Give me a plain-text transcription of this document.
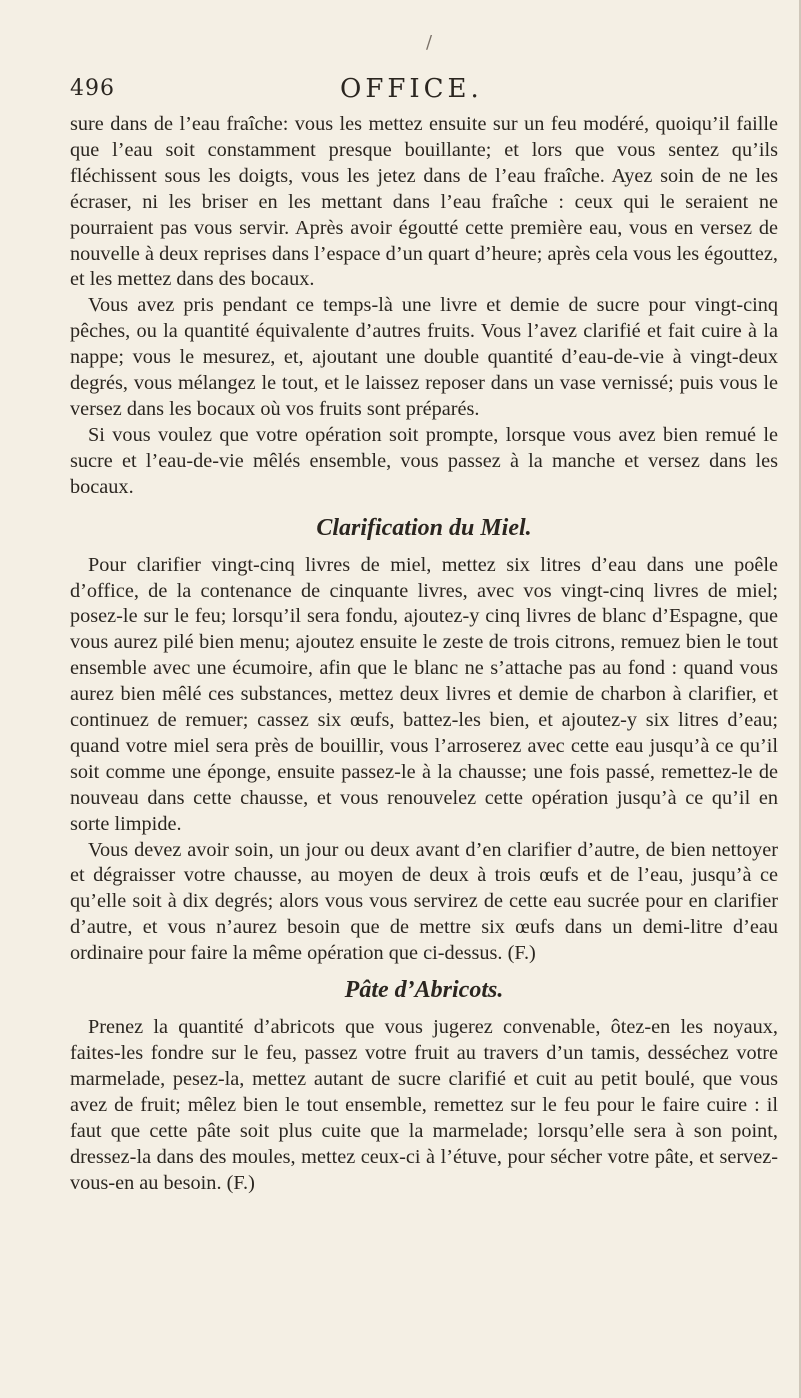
/
496	OFFICE.

sure dans de l’eau fraîche: vous les mettez ensuite sur un feu modéré, quoiqu’il faille que l’eau soit constamment presque bouillante; et lors que vous sentez qu’ils fléchissent sous les doigts, vous les jetez dans de l’eau fraîche. Ayez soin de ne les écraser, ni les briser en les mettant dans l’eau fraîche : ceux qui le seraient ne pourraient pas vous servir. Après avoir égoutté cette première eau, vous en versez de nouvelle à deux reprises dans l’espace d’un quart d’heure; après cela vous les égouttez, et les mettez dans des bocaux.

Vous avez pris pendant ce temps-là une livre et demie de sucre pour vingt-cinq pêches, ou la quantité équivalente d’autres fruits. Vous l’avez clarifié et fait cuire à la nappe; vous le mesurez, et, ajoutant une double quantité d’eau-de-vie à vingt-deux degrés, vous mélangez le tout, et le laissez reposer dans un vase vernissé; puis vous le versez dans les bocaux où vos fruits sont préparés.

Si vous voulez que votre opération soit prompte, lorsque vous avez bien remué le sucre et l’eau-de-vie mêlés ensemble, vous passez à la manche et versez dans les bocaux.

Clarification du Miel.

Pour clarifier vingt-cinq livres de miel, mettez six litres d’eau dans une poêle d’office, de la contenance de cinquante livres, avec vos vingt-cinq livres de miel; posez-le sur le feu; lorsqu’il sera fondu, ajoutez-y cinq livres de blanc d’Espagne, que vous aurez pilé bien menu; ajoutez ensuite le zeste de trois citrons, remuez bien le tout ensemble avec une écumoire, afin que le blanc ne s’attache pas au fond : quand vous aurez bien mêlé ces substances, mettez deux livres et demie de charbon à clarifier, et continuez de remuer; cassez six œufs, battez-les bien, et ajoutez-y six litres d’eau; quand votre miel sera près de bouillir, vous l’arroserez avec cette eau jusqu’à ce qu’il soit comme une éponge, ensuite passez-le à la chausse; une fois passé, remettez-le de nouveau dans cette chausse, et vous renouvelez cette opération jusqu’à ce qu’il en sorte limpide.

Vous devez avoir soin, un jour ou deux avant d’en clarifier d’autre, de bien nettoyer et dégraisser votre chausse, au moyen de deux à trois œufs et de l’eau, jusqu’à ce qu’elle soit à dix degrés; alors vous vous servirez de cette eau sucrée pour en clarifier d’autre, et vous n’aurez besoin que de mettre six œufs dans un demi-litre d’eau ordinaire pour faire la même opération que ci-dessus. (F.)

Pâte d’Abricots.

Prenez la quantité d’abricots que vous jugerez convenable, ôtez-en les noyaux, faites-les fondre sur le feu, passez votre fruit au travers d’un tamis, desséchez votre marmelade, pesez-la, mettez autant de sucre clarifié et cuit au petit boulé, que vous avez de fruit; mêlez bien le tout ensemble, remettez sur le feu pour le faire cuire : il faut que cette pâte soit plus cuite que la marmelade; lorsqu’elle sera à son point, dressez-la dans des moules, mettez ceux-ci à l’étuve, pour sécher votre pâte, et servez-vous-en au besoin. (F.)
